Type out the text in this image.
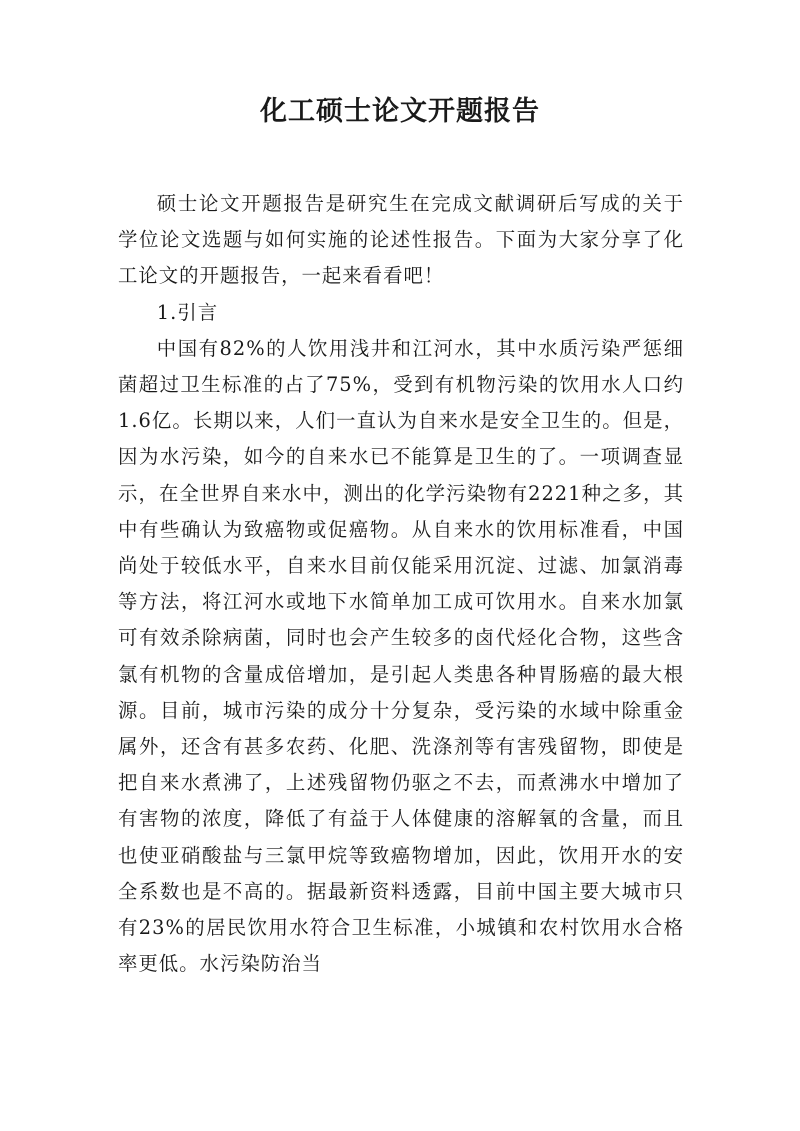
化工硕士论文开题报告

硕士论文开题报告是研究生在完成文献调研后写成的关于学位论文选题与如何实施的论述性报告。下面为大家分享了化工论文的开题报告，一起来看看吧！

1.引言

中国有82%的人饮用浅井和江河水，其中水质污染严惩细菌超过卫生标准的占了75%，受到有机物污染的饮用水人口约1.6亿。长期以来，人们一直认为自来水是安全卫生的。但是，因为水污染，如今的自来水已不能算是卫生的了。一项调查显示，在全世界自来水中，测出的化学污染物有2221种之多，其中有些确认为致癌物或促癌物。从自来水的饮用标准看，中国尚处于较低水平，自来水目前仅能采用沉淀、过滤、加氯消毒等方法，将江河水或地下水简单加工成可饮用水。自来水加氯可有效杀除病菌，同时也会产生较多的卤代烃化合物，这些含氯有机物的含量成倍增加，是引起人类患各种胃肠癌的最大根源。目前，城市污染的成分十分复杂，受污染的水域中除重金属外，还含有甚多农药、化肥、洗涤剂等有害残留物，即使是把自来水煮沸了，上述残留物仍驱之不去，而煮沸水中增加了有害物的浓度，降低了有益于人体健康的溶解氧的含量，而且也使亚硝酸盐与三氯甲烷等致癌物增加，因此，饮用开水的安全系数也是不高的。据最新资料透露，目前中国主要大城市只有23%的居民饮用水符合卫生标准，小城镇和农村饮用水合格率更低。水污染防治当
